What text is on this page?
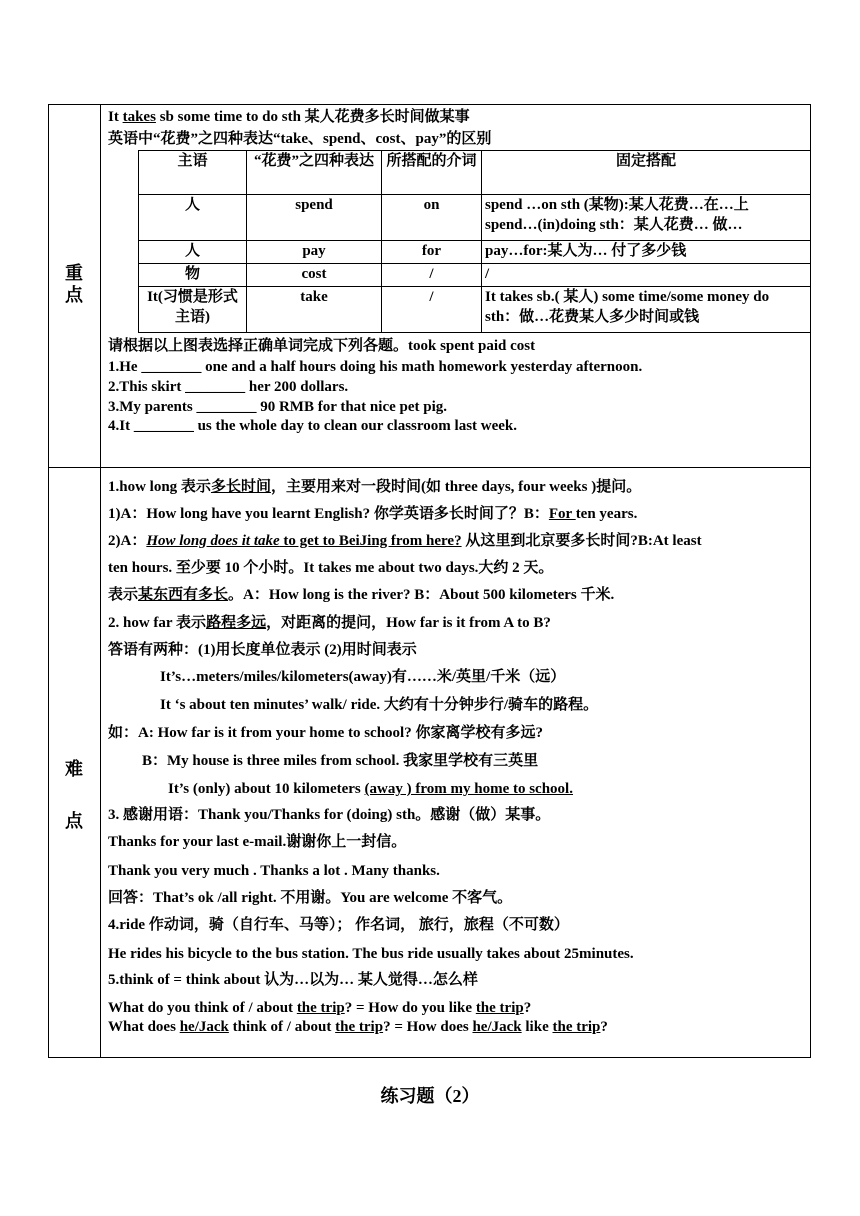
重
点
It takes sb some time to do sth 某人花费多长时间做某事
英语中“花费”之四种表达“take、spend、cost、pay”的区别
主语	“花费”之四种表达	所搭配的介词	固定搭配
人	spend	on	spend …on sth (某物):某人花费…在…上
spend…(in)doing sth：某人花费… 做…
人	pay	for	pay…for:某人为… 付了多少钱
物	cost	/	/
It(习惯是形式主语)	take	/	It takes sb.( 某人) some time/some money do sth：做…花费某人多少时间或钱
请根据以上图表选择正确单词完成下列各题。took spent paid cost
1.He ________ one and a half hours doing his math homework yesterday afternoon.
2.This skirt ________ her 200 dollars.
3.My parents ________ 90 RMB for that nice pet pig.
4.It ________ us the whole day to clean our classroom last week.
难
点
1.how long 表示多长时间，主要用来对一段时间(如 three days, four weeks )提问。
1)A：How long have you learnt English? 你学英语多长时间了？B：For ten years.
2)A：How long does it take to get to BeiJing from here? 从这里到北京要多长时间?B:At least
ten hours. 至少要 10 个小时。It takes me about two days.大约 2 天。
表示某东西有多长。A：How long is the river? B：About 500 kilometers 千米.
2. how far 表示路程多远，对距离的提问，How far is it from A to B?
答语有两种：(1)用长度单位表示 (2)用时间表示
It’s…meters/miles/kilometers(away)有……米/英里/千米（远）
It ‘s about ten minutes’ walk/ ride. 大约有十分钟步行/骑车的路程。
如：A: How far is it from your home to school? 你家离学校有多远?
B：My house is three miles from school. 我家里学校有三英里
It’s (only) about 10 kilometers (away ) from my home to school.
3. 感谢用语：Thank you/Thanks for (doing) sth。感谢（做）某事。
Thanks for your last e-mail.谢谢你上一封信。
Thank you very much . Thanks a lot . Many thanks.
回答：That’s ok /all right. 不用谢。You are welcome 不客气。
4.ride 作动词，骑（自行车、马等）； 作名词， 旅行，旅程（不可数）
He rides his bicycle to the bus station. The bus ride usually takes about 25minutes.
5.think of = think about 认为…以为… 某人觉得…怎么样
What do you think of / about the trip? = How do you like the trip?
What does he/Jack think of / about the trip? = How does he/Jack like the trip?
练习题（2）
